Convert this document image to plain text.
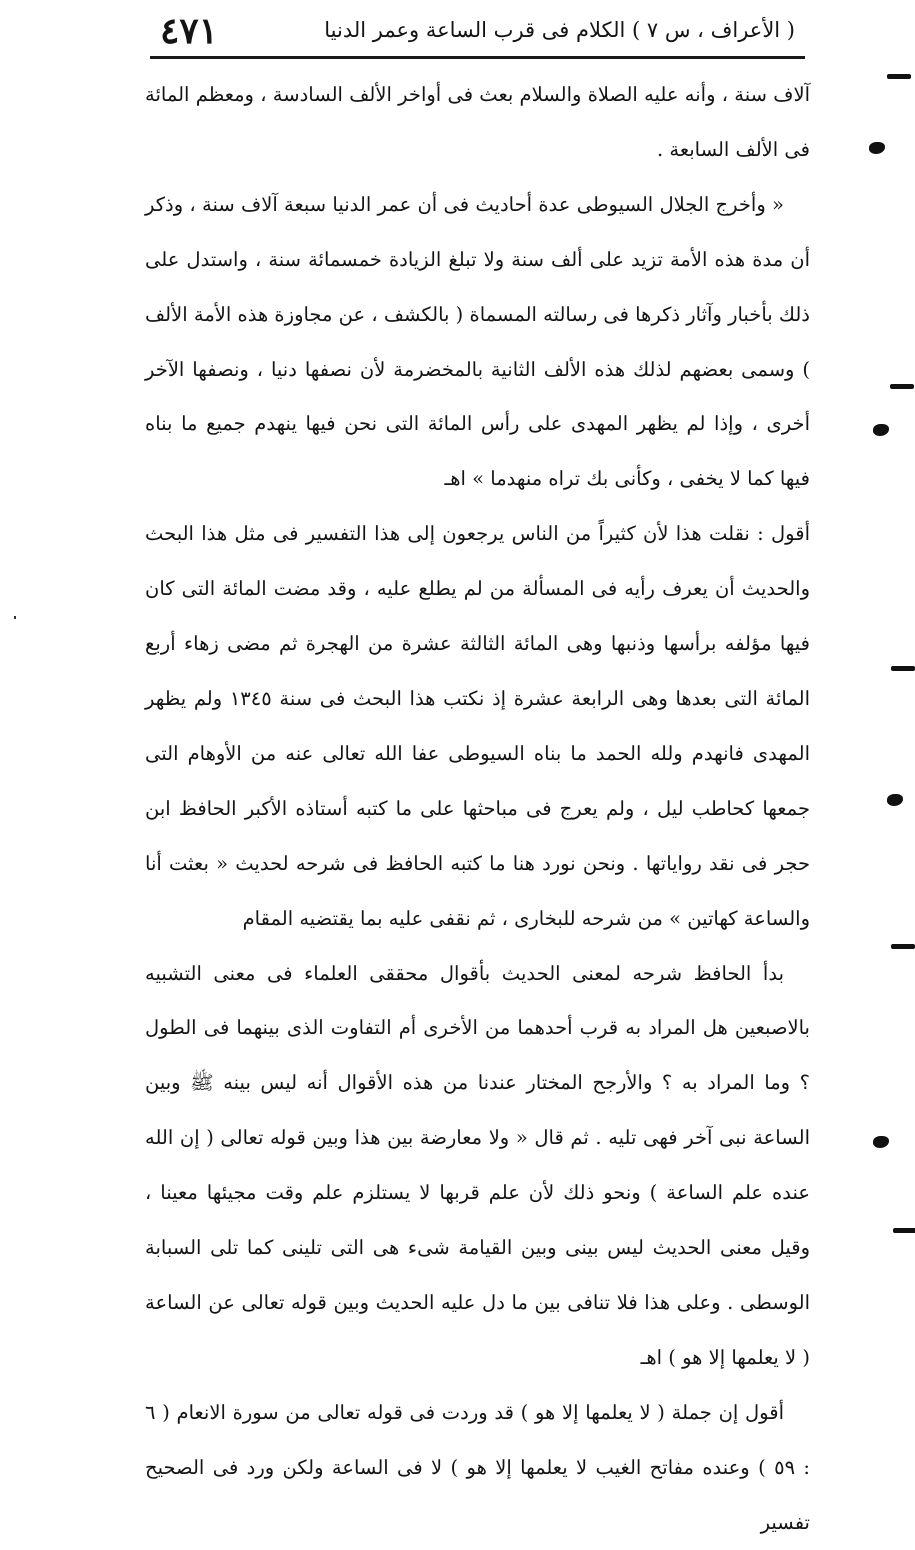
( الأعراف ، س ٧ ) الكلام فى قرب الساعة وعمر الدنيا
٤٧١

آلاف سنة ، وأنه عليه الصلاة والسلام بعث فى أواخر الألف السادسة ، ومعظم المائة فى الألف السابعة .

« وأخرج الجلال السيوطى عدة أحاديث فى أن عمر الدنيا سبعة آلاف سنة ، وذكر أن مدة هذه الأمة تزيد على ألف سنة ولا تبلغ الزيادة خمسمائة سنة ، واستدل على ذلك بأخبار وآثار ذكرها فى رسالته المسماة ( بالكشف ، عن مجاوزة هذه الأمة الألف ) وسمى بعضهم لذلك هذه الألف الثانية بالمخضرمة لأن نصفها دنيا ، ونصفها الآخر أخرى ، وإذا لم يظهر المهدى على رأس المائة التى نحن فيها ينهدم جميع ما بناه فيها كما لا يخفى ، وكأنى بك تراه منهدما » اهـ

أقول : نقلت هذا لأن كثيراً من الناس يرجعون إلى هذا التفسير فى مثل هذا البحث والحديث أن يعرف رأيه فى المسألة من لم يطلع عليه ، وقد مضت المائة التى كان فيها مؤلفه برأسها وذنبها وهى المائة الثالثة عشرة من الهجرة ثم مضى زهاء أربع المائة التى بعدها وهى الرابعة عشرة إذ نكتب هذا البحث فى سنة ١٣٤٥ ولم يظهر المهدى فانهدم ولله الحمد ما بناه السيوطى عفا الله تعالى عنه من الأوهام التى جمعها كحاطب ليل ، ولم يعرج فى مباحثها على ما كتبه أستاذه الأكبر الحافظ ابن حجر فى نقد رواياتها . ونحن نورد هنا ما كتبه الحافظ فى شرحه لحديث « بعثت أنا والساعة كهاتين » من شرحه للبخارى ، ثم نقفى عليه بما يقتضيه المقام

بدأ الحافظ شرحه لمعنى الحديث بأقوال محققى العلماء فى معنى التشبيه بالاصبعين هل المراد به قرب أحدهما من الأخرى أم التفاوت الذى بينهما فى الطول ؟ وما المراد به ؟ والأرجح المختار عندنا من هذه الأقوال أنه ليس بينه ﷺ وبين الساعة نبى آخر فهى تليه . ثم قال « ولا معارضة بين هذا وبين قوله تعالى ( إن الله عنده علم الساعة ) ونحو ذلك لأن علم قربها لا يستلزم علم وقت مجيئها معينا ، وقيل معنى الحديث ليس بينى وبين القيامة شىء هى التى تلينى كما تلى السبابة الوسطى . وعلى هذا فلا تنافى بين ما دل عليه الحديث وبين قوله تعالى عن الساعة ( لا يعلمها إلا هو ) اهـ

أقول إن جملة ( لا يعلمها إلا هو ) قد وردت فى قوله تعالى من سورة الانعام ( ٦ : ٥٩ ) وعنده مفاتح الغيب لا يعلمها إلا هو ) لا فى الساعة ولكن ورد فى الصحيح تفسير
